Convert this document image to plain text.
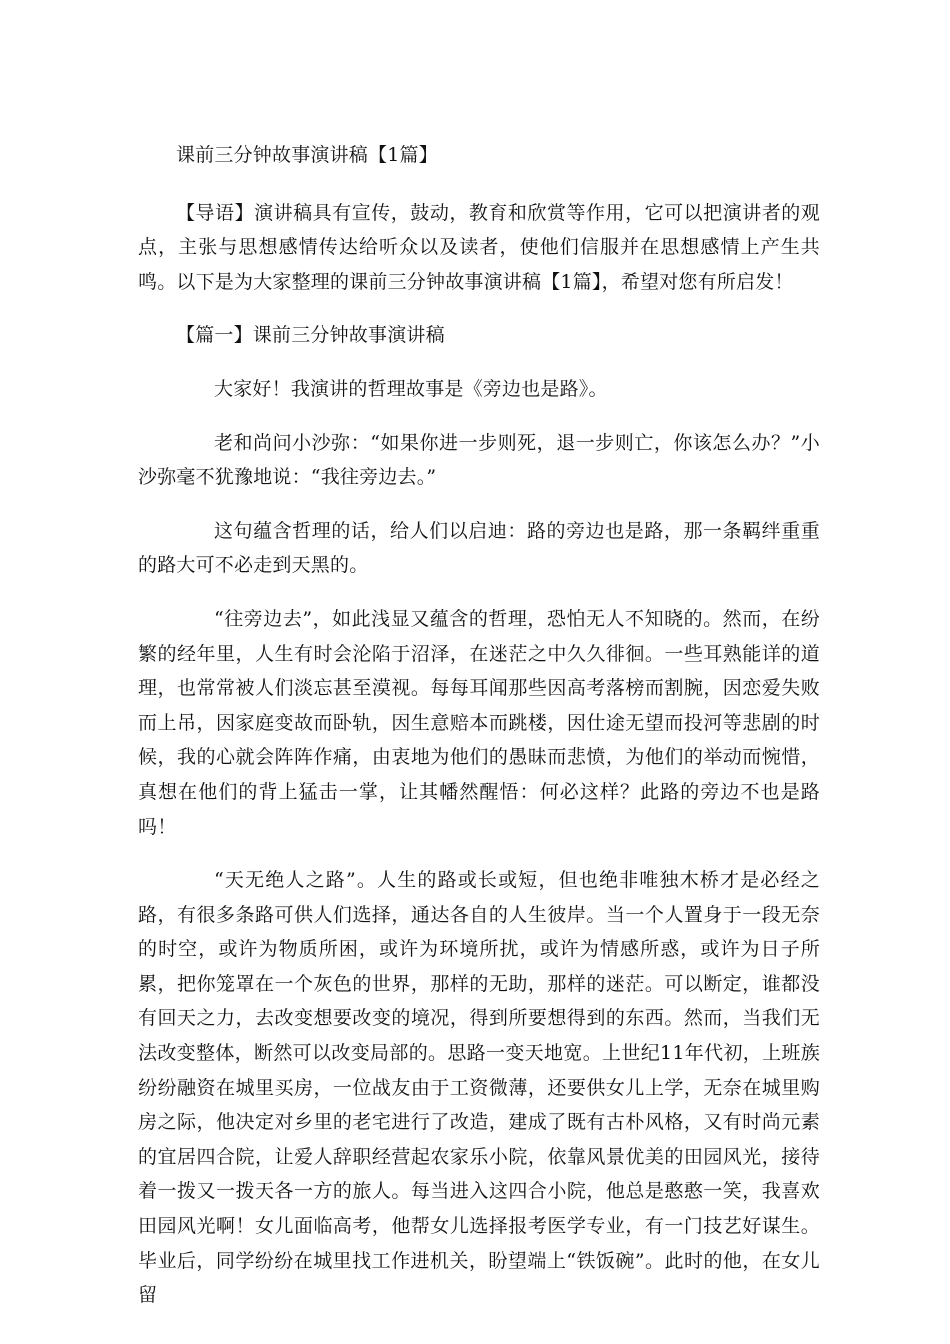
课前三分钟故事演讲稿【1篇】

【导语】演讲稿具有宣传，鼓动，教育和欣赏等作用，它可以把演讲者的观点，主张与思想感情传达给听众以及读者，使他们信服并在思想感情上产生共鸣。以下是为大家整理的课前三分钟故事演讲稿【1篇】，希望对您有所启发！

【篇一】课前三分钟故事演讲稿

大家好！我演讲的哲理故事是《旁边也是路》。

老和尚问小沙弥：“如果你进一步则死，退一步则亡，你该怎么办？”小沙弥毫不犹豫地说：“我往旁边去。”

这句蕴含哲理的话，给人们以启迪：路的旁边也是路，那一条羁绊重重的路大可不必走到天黑的。

“往旁边去”，如此浅显又蕴含的哲理，恐怕无人不知晓的。然而，在纷繁的经年里，人生有时会沦陷于沼泽，在迷茫之中久久徘徊。一些耳熟能详的道理，也常常被人们淡忘甚至漠视。每每耳闻那些因高考落榜而割腕，因恋爱失败而上吊，因家庭变故而卧轨，因生意赔本而跳楼，因仕途无望而投河等悲剧的时候，我的心就会阵阵作痛，由衷地为他们的愚昧而悲愤，为他们的举动而惋惜，真想在他们的背上猛击一掌，让其幡然醒悟：何必这样？此路的旁边不也是路吗！

“天无绝人之路”。人生的路或长或短，但也绝非唯独木桥才是必经之路，有很多条路可供人们选择，通达各自的人生彼岸。当一个人置身于一段无奈的时空，或许为物质所困，或许为环境所扰，或许为情感所惑，或许为日子所累，把你笼罩在一个灰色的世界，那样的无助，那样的迷茫。可以断定，谁都没有回天之力，去改变想要改变的境况，得到所要想得到的东西。然而，当我们无法改变整体，断然可以改变局部的。思路一变天地宽。上世纪11年代初，上班族纷纷融资在城里买房，一位战友由于工资微薄，还要供女儿上学，无奈在城里购房之际，他决定对乡里的老宅进行了改造，建成了既有古朴风格，又有时尚元素的宜居四合院，让爱人辞职经营起农家乐小院，依靠风景优美的田园风光，接待着一拨又一拨天各一方的旅人。每当进入这四合小院，他总是憨憨一笑，我喜欢田园风光啊！女儿面临高考，他帮女儿选择报考医学专业，有一门技艺好谋生。毕业后，同学纷纷在城里找工作进机关，盼望端上“铁饭碗”。此时的他，在女儿留
